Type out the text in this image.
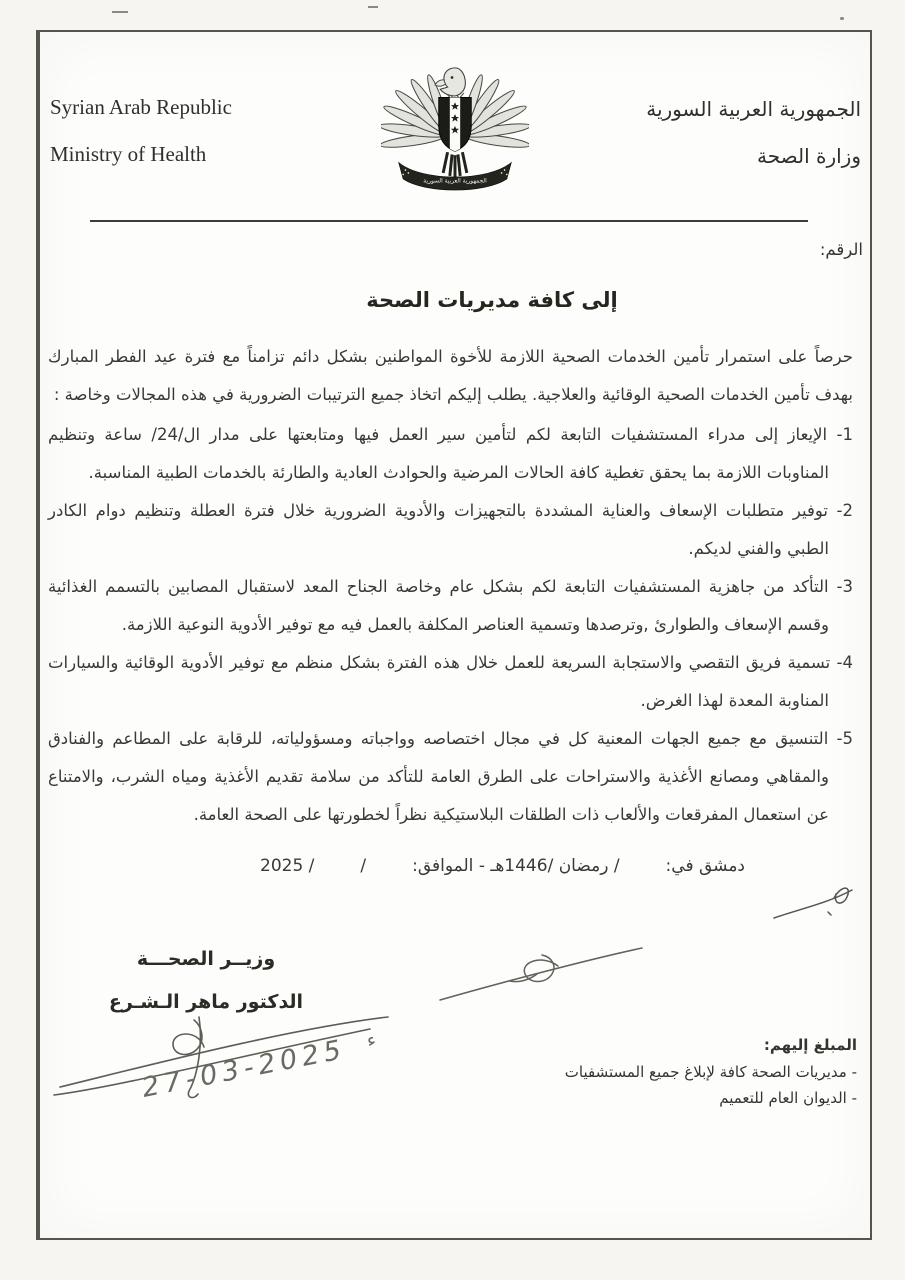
Syrian Arab Republic
Ministry of Health
الجمهورية العربية السورية
الجمهورية العربية السورية
وزارة الصحة
الرقم:
إلى كافة مديريات الصحة

حرصاً على استمرار تأمين الخدمات الصحية اللازمة للأخوة المواطنين بشكل دائم تزامناً مع فترة عيد الفطر المبارك بهدف تأمين الخدمات الصحية الوقائية والعلاجية. يطلب إليكم اتخاذ جميع الترتيبات الضرورية في هذه المجالات وخاصة :

1- الإيعاز إلى مدراء المستشفيات التابعة لكم لتأمين سير العمل فيها ومتابعتها على مدار ال/24/ ساعة وتنظيم المناوبات اللازمة بما يحقق تغطية كافة الحالات المرضية والحوادث العادية والطارئة بالخدمات الطبية المناسبة.
2- توفير متطلبات الإسعاف والعناية المشددة بالتجهيزات والأدوية الضرورية خلال فترة العطلة وتنظيم دوام الكادر الطبي والفني لديكم.
3- التأكد من جاهزية المستشفيات التابعة لكم بشكل عام وخاصة الجناح المعد لاستقبال المصابين بالتسمم الغذائية وقسم الإسعاف والطوارئ ,وترصدها وتسمية العناصر المكلفة بالعمل فيه مع توفير الأدوية النوعية اللازمة.
4- تسمية فريق التقصي والاستجابة السريعة للعمل خلال هذه الفترة بشكل منظم مع توفير الأدوية الوقائية والسيارات المناوبة المعدة لهذا الغرض.
5- التنسيق مع جميع الجهات المعنية كل في مجال اختصاصه وواجباته ومسؤولياته، للرقابة على المطاعم والفنادق والمقاهي ومصانع الأغذية والاستراحات على الطرق العامة للتأكد من سلامة تقديم الأغذية ومياه الشرب، والامتناع عن استعمال المفرقعات والألعاب ذات الطلقات البلاستيكية نظراً لخطورتها على الصحة العامة.
دمشق في:
/ رمضان /1446هـ - الموافق:
/
/ 2025
27-03-2025 ء
وزيــر الصحـــة
الدكتور ماهر الـشـرع
المبلغ إليهم:
- مديريات الصحة كافة لإبلاغ جميع المستشفيات
- الديوان العام للتعميم
